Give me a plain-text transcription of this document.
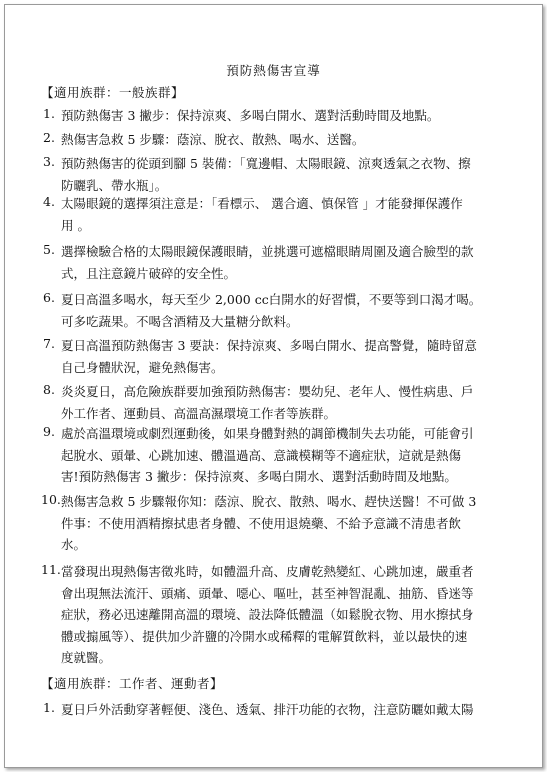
預防熱傷害宣導
【適用族群：一般族群】
1. 預防熱傷害 3 撇步：保持涼爽、多喝白開水、選對活動時間及地點。
2. 熱傷害急救 5 步驟：蔭涼、脫衣、散熱、喝水、送醫。
3. 預防熱傷害的從頭到腳 5 裝備：「寬邊帽、太陽眼鏡、涼爽透氣之衣物、擦
防曬乳、帶水瓶」。
4. 太陽眼鏡的選擇須注意是：「看標示、 選合適、慎保管 」才能發揮保護作
用 。
5. 選擇檢驗合格的太陽眼鏡保護眼睛，並挑選可遮檔眼睛周圍及適合臉型的款
式，且注意鏡片破碎的安全性。
6. 夏日高溫多喝水，每天至少 2,000 cc白開水的好習慣，不要等到口渴才喝。
可多吃蔬果。不喝含酒精及大量糖分飲料。
7. 夏日高溫預防熱傷害 3 要訣：保持涼爽、多喝白開水、提高警覺，隨時留意
自己身體狀況，避免熱傷害。
8. 炎炎夏日，高危險族群要加強預防熱傷害：嬰幼兒、老年人、慢性病患、戶
外工作者、運動員、高溫高濕環境工作者等族群。
9. 處於高溫環境或劇烈運動後，如果身體對熱的調節機制失去功能，可能會引
起脫水、頭暈、心跳加速、體溫過高、意識模糊等不適症狀，這就是熱傷
害!預防熱傷害 3 撇步：保持涼爽、多喝白開水、選對活動時間及地點。
10. 熱傷害急救 5 步驟報你知：蔭涼、脫衣、散熱、喝水、趕快送醫！不可做 3
件事：不使用酒精擦拭患者身體、不使用退燒藥、不給予意識不清患者飲
水。
11. 當發現出現熱傷害徵兆時，如體溫升高、皮膚乾熱變紅、心跳加速，嚴重者
會出現無法流汗、頭痛、頭暈、噁心、嘔吐，甚至神智混亂、抽筋、昏迷等
症狀，務必迅速離開高溫的環境、設法降低體溫（如鬆脫衣物、用水擦拭身
體或搧風等）、提供加少許鹽的冷開水或稀釋的電解質飲料，並以最快的速
度就醫。
【適用族群：工作者、運動者】
1. 夏日戶外活動穿著輕便、淺色、透氣、排汗功能的衣物，注意防曬如戴太陽
